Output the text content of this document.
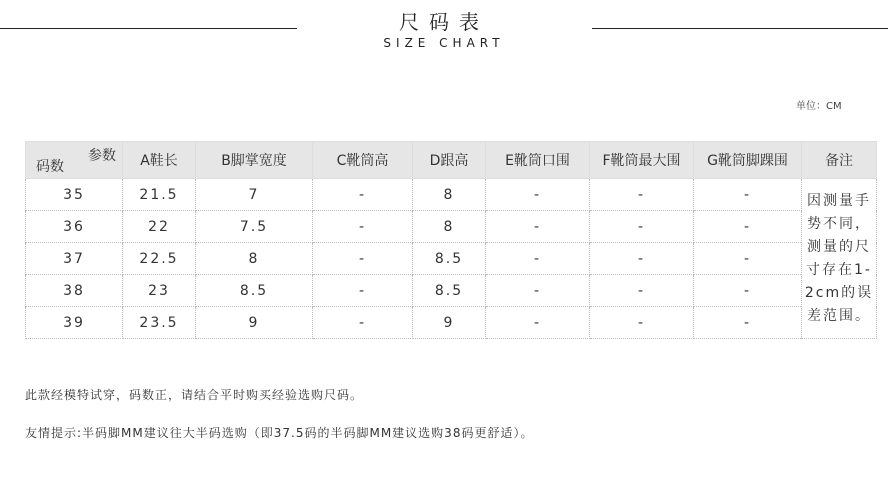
尺码表
SIZE CHART
单位：CM
参数
码数	A鞋长	B脚掌宽度	C靴筒高	D跟高	E靴筒口围	F靴筒最大围	G靴筒脚踝围	备注
35	21.5	7	-	8	-	-	-	因测量手势不同，测量的尺寸存在1-2cm的误差范围。
36	22	7.5	-	8	-	-	-	
37	22.5	8	-	8.5	-	-	-	
38	23	8.5	-	8.5	-	-	-	
39	23.5	9	-	9	-	-	-	
此款经模特试穿，码数正，请结合平时购买经验选购尺码。
友情提示:半码脚MM建议往大半码选购（即37.5码的半码脚MM建议选购38码更舒适）。
